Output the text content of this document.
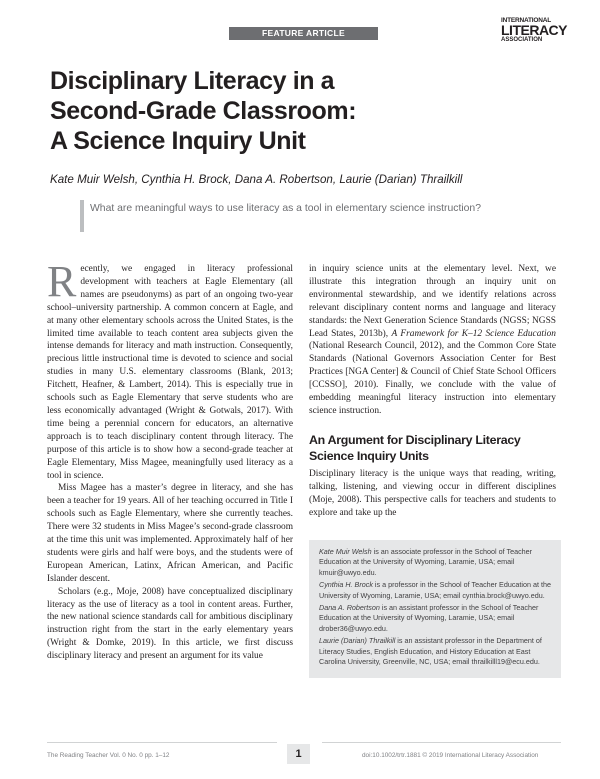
FEATURE ARTICLE
INTERNATIONAL
LITERACY
ASSOCIATION
Disciplinary Literacy in a
Second-Grade Classroom:
A Science Inquiry Unit
Kate Muir Welsh, Cynthia H. Brock, Dana A. Robertson, Laurie (Darian) Thrailkill
What are meaningful ways to use literacy as a tool in elementary science instruction?

Recently, we engaged in literacy professional development with teachers at Eagle Elementary (all names are pseudonyms) as part of an ongoing two-year school–university partnership. A common concern at Eagle, and at many other elementary schools across the United States, is the limited time available to teach content area subjects given the intense demands for literacy and math instruction. Consequently, precious little instructional time is devoted to science and social studies in many U.S. elementary classrooms (Blank, 2013; Fitchett, Heafner, & Lambert, 2014). This is especially true in schools such as Eagle Elementary that serve students who are less economically advantaged (Wright & Gotwals, 2017). With time being a perennial concern for educators, an alternative approach is to teach disciplinary content through literacy. The purpose of this article is to show how a second-grade teacher at Eagle Elementary, Miss Magee, meaningfully used literacy as a tool in science.

Miss Magee has a master’s degree in literacy, and she has been a teacher for 19 years. All of her teaching occurred in Title I schools such as Eagle Elementary, where she currently teaches. There were 32 students in Miss Magee’s second-grade classroom at the time this unit was implemented. Approximately half of her students were girls and half were boys, and the students were of European American, Latinx, African American, and Pacific Islander descent.

Scholars (e.g., Moje, 2008) have conceptualized disciplinary literacy as the use of literacy as a tool in content areas. Further, the new national science standards call for ambitious disciplinary instruction right from the start in the early elementary years (Wright & Domke, 2019). In this article, we first discuss disciplinary literacy and present an argument for its value

in inquiry science units at the elementary level. Next, we illustrate this integration through an inquiry unit on environmental stewardship, and we identify relations across relevant disciplinary content norms and language and literacy standards: the Next Generation Science Standards (NGSS; NGSS Lead States, 2013b), A Framework for K–12 Science Education (National Research Council, 2012), and the Common Core State Standards (National Governors Association Center for Best Practices [NGA Center] & Council of Chief State School Officers [CCSSO], 2010). Finally, we conclude with the value of embedding meaningful literacy instruction into elementary science instruction.

An Argument for Disciplinary Literacy Science Inquiry Units

Disciplinary literacy is the unique ways that reading, writing, talking, listening, and viewing occur in different disciplines (Moje, 2008). This perspective calls for teachers and students to explore and take up the

Kate Muir Welsh is an associate professor in the School of Teacher Education at the University of Wyoming, Laramie, USA; email kmuir@uwyo.edu.

Cynthia H. Brock is a professor in the School of Teacher Education at the University of Wyoming, Laramie, USA; email cynthia.brock@uwyo.edu.

Dana A. Robertson is an assistant professor in the School of Teacher Education at the University of Wyoming, Laramie, USA; email drober36@uwyo.edu.

Laurie (Darian) Thrailkill is an assistant professor in the Department of Literacy Studies, English Education, and History Education at East Carolina University, Greenville, NC, USA; email thrailkilll19@ecu.edu.

The Reading Teacher Vol. 0 No. 0 pp. 1–12	1	doi:10.1002/trtr.1881 © 2019 International Literacy Association
